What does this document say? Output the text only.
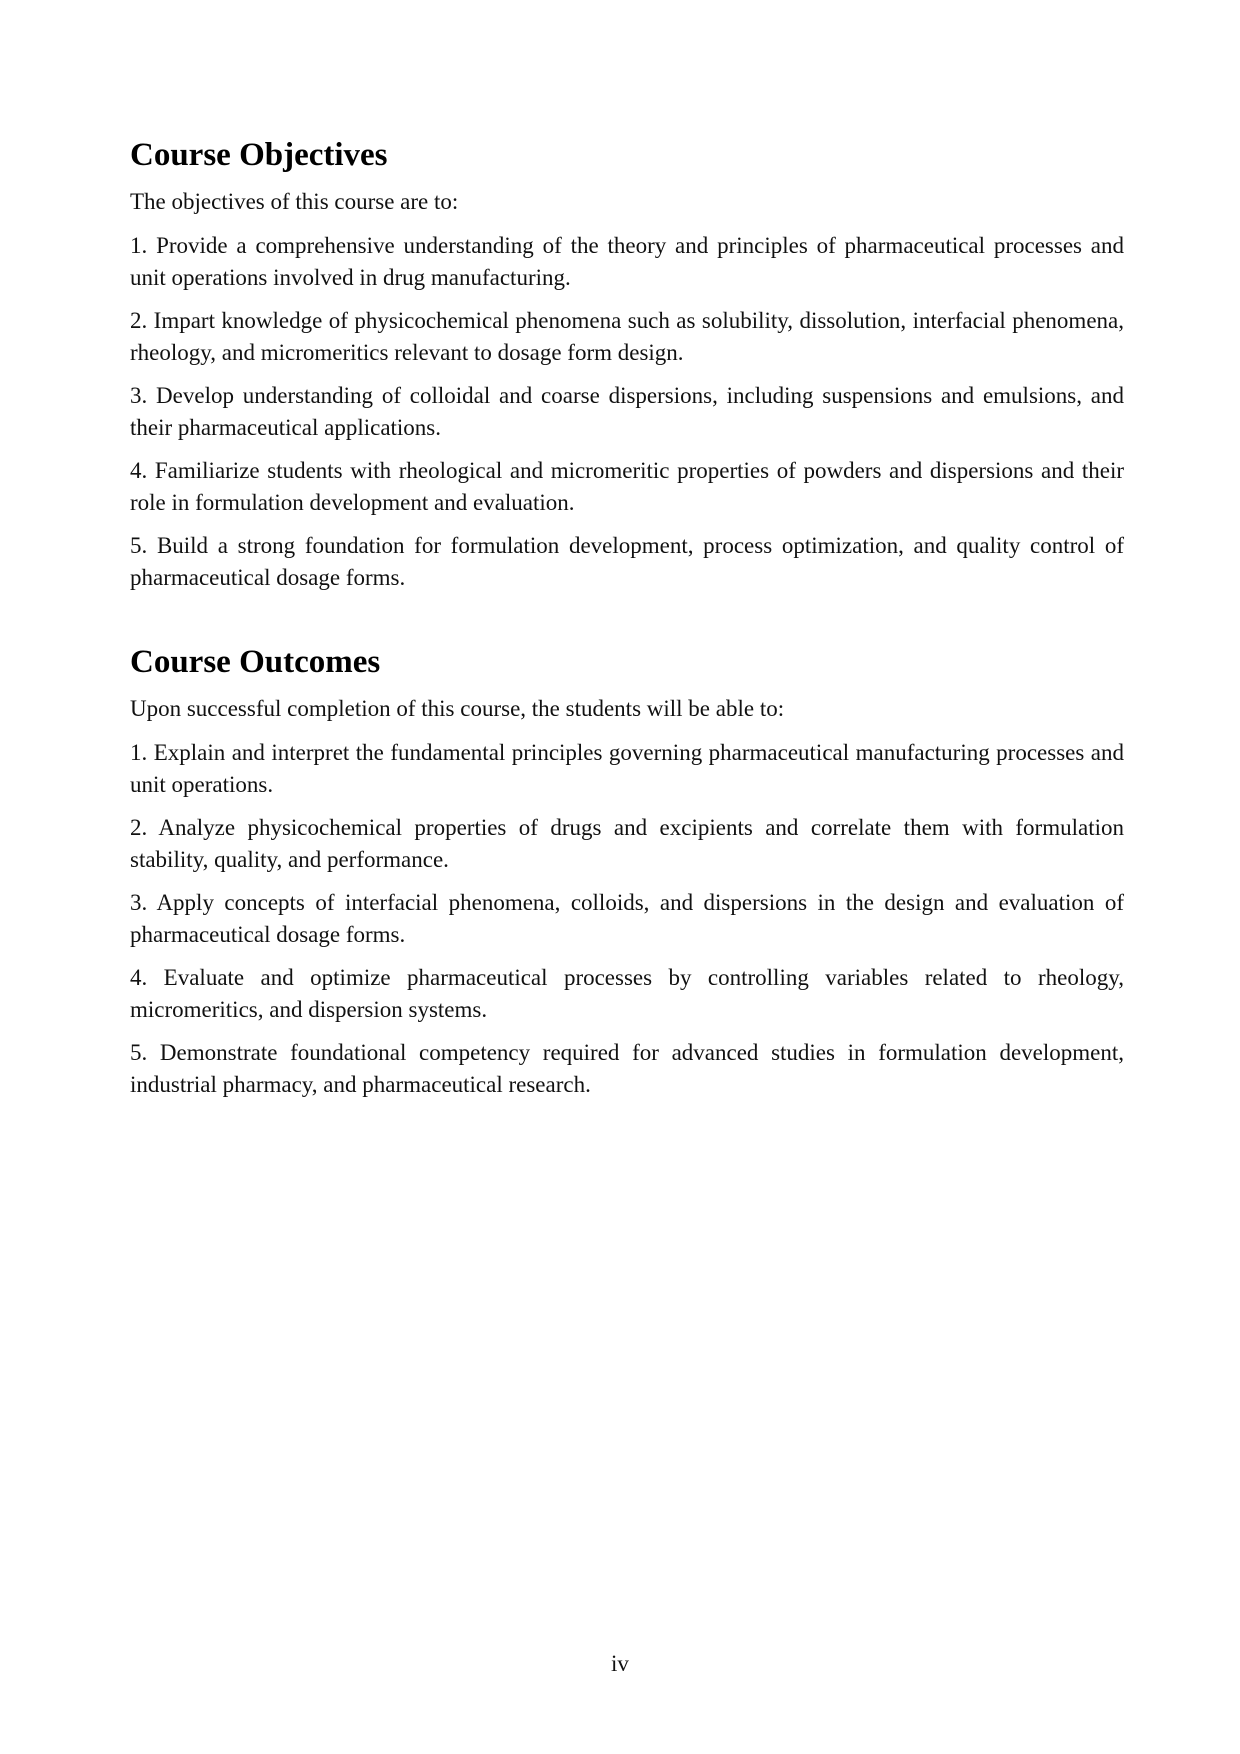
Course Objectives

The objectives of this course are to:

1. Provide a comprehensive understanding of the theory and principles of pharmaceutical processes and unit operations involved in drug manufacturing.

2. Impart knowledge of physicochemical phenomena such as solubility, dissolution, interfacial phenomena, rheology, and micromeritics relevant to dosage form design.

3. Develop understanding of colloidal and coarse dispersions, including suspensions and emulsions, and their pharmaceutical applications.

4. Familiarize students with rheological and micromeritic properties of powders and dispersions and their role in formulation development and evaluation.

5. Build a strong foundation for formulation development, process optimization, and quality control of pharmaceutical dosage forms.

Course Outcomes

Upon successful completion of this course, the students will be able to:

1. Explain and interpret the fundamental principles governing pharmaceutical manufacturing processes and unit operations.

2. Analyze physicochemical properties of drugs and excipients and correlate them with formulation stability, quality, and performance.

3. Apply concepts of interfacial phenomena, colloids, and dispersions in the design and evaluation of pharmaceutical dosage forms.

4. Evaluate and optimize pharmaceutical processes by controlling variables related to rheology, micromeritics, and dispersion systems.

5. Demonstrate foundational competency required for advanced studies in formulation development, industrial pharmacy, and pharmaceutical research.

iv
